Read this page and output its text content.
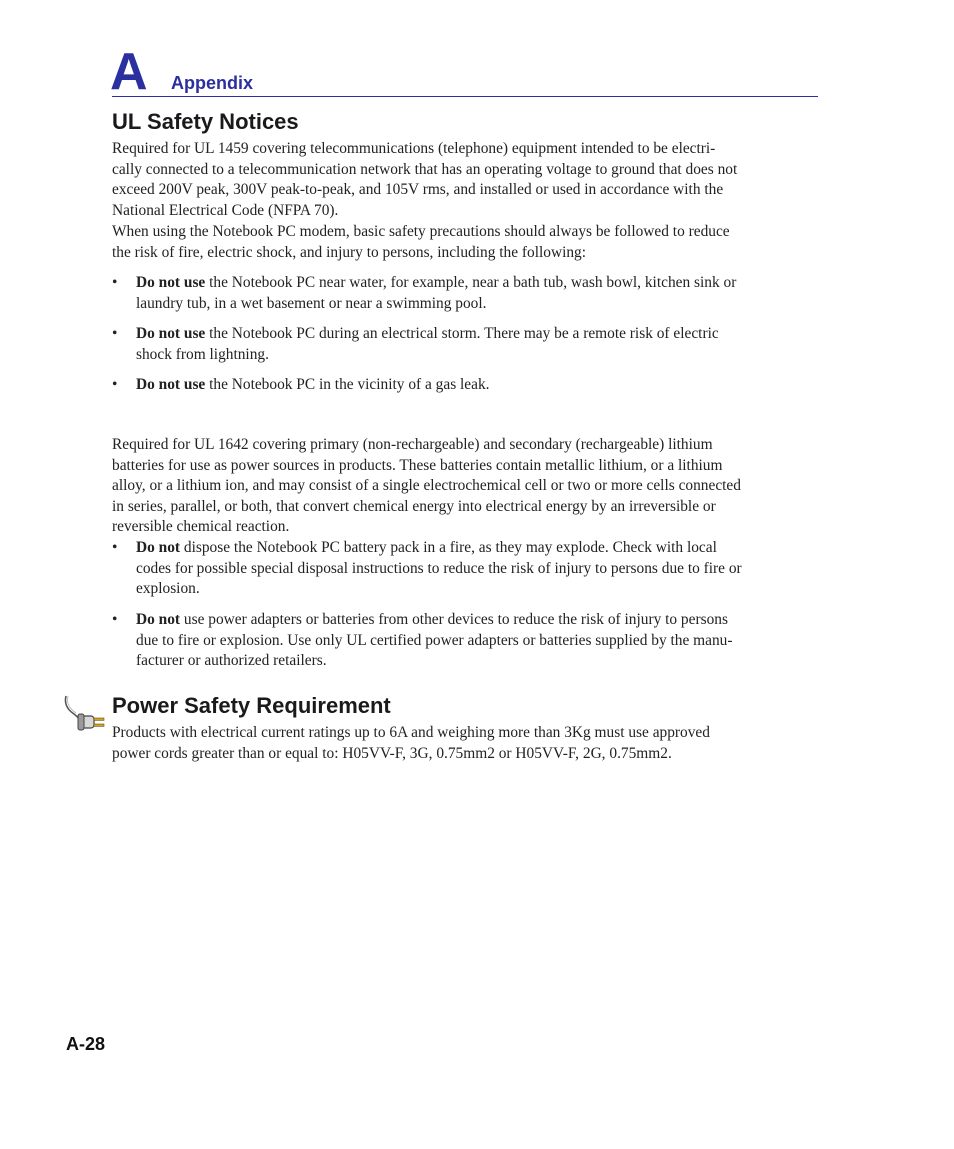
A Appendix
UL Safety Notices
Required for UL 1459 covering telecommunications (telephone) equipment intended to be electri-
cally connected to a telecommunication network that has an operating voltage to ground that does not
exceed 200V peak, 300V peak-to-peak, and 105V rms, and installed or used in accordance with the
National Electrical Code (NFPA 70).
When using the Notebook PC modem, basic safety precautions should always be followed to reduce
the risk of fire, electric shock, and injury to persons, including the following:
•	Do not use the Notebook PC near water, for example, near a bath tub, wash bowl, kitchen sink or
laundry tub, in a wet basement or near a swimming pool.
•	Do not use the Notebook PC during an electrical storm. There may be a remote risk of electric
shock from lightning.
•	Do not use the Notebook PC in the vicinity of a gas leak.
Required for UL 1642 covering primary (non-rechargeable) and secondary (rechargeable) lithium
batteries for use as power sources in products. These batteries contain metallic lithium, or a lithium
alloy, or a lithium ion, and may consist of a single electrochemical cell or two or more cells connected
in series, parallel, or both, that convert chemical energy into electrical energy by an irreversible or
reversible chemical reaction.
•	Do not dispose the Notebook PC battery pack in a fire, as they may explode. Check with local
codes for possible special disposal instructions to reduce the risk of injury to persons due to fire or
explosion.
•	Do not use power adapters or batteries from other devices to reduce the risk of injury to persons
due to fire or explosion. Use only UL certified power adapters or batteries supplied by the manu-
facturer or authorized retailers.
Power Safety Requirement
Products with electrical current ratings up to 6A and weighing more than 3Kg must use approved
power cords greater than or equal to: H05VV-F, 3G, 0.75mm2 or H05VV-F, 2G, 0.75mm2.
A-28
